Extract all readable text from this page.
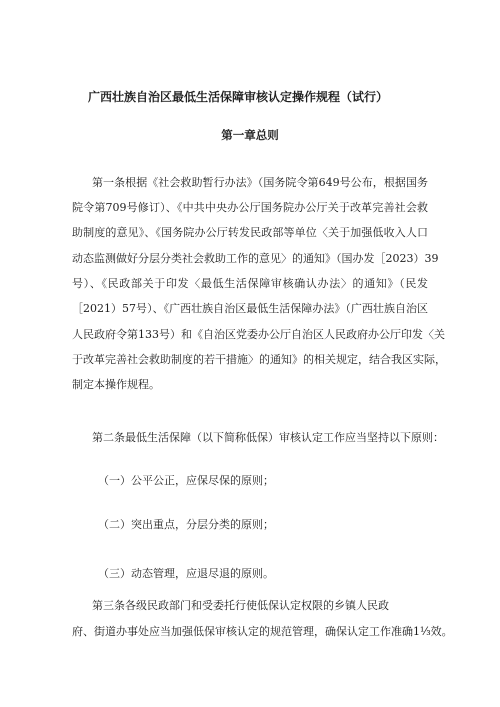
广西壮族自治区最低生活保障审核认定操作规程（试行）
第一章总则
第一条根据《社会救助暂行办法》（国务院令第649号公布，根据国务
院令第709号修订）、《中共中央办公厅国务院办公厅关于改革完善社会救
助制度的意见》、《国务院办公厅转发民政部等单位〈关于加强低收入人口
动态监测做好分层分类社会救助工作的意见〉的通知》（国办发［2023）39
号）、《民政部关于印发〈最低生活保障审核确认办法〉的通知》（民发
［2021）57号）、《广西壮族自治区最低生活保障办法》（广西壮族自治区
人民政府令第133号）和《自治区党委办公厅自治区人民政府办公厅印发〈关
于改革完善社会救助制度的若干措施〉的通知》的相关规定，结合我区实际，
制定本操作规程。
第二条最低生活保障（以下简称低保）审核认定工作应当坚持以下原则：
（一）公平公正，应保尽保的原则；
（二）突出重点，分层分类的原则；
（三）动态管理，应退尽退的原则。
第三条各级民政部门和受委托行使低保认定权限的乡镇人民政
府、街道办事处应当加强低保审核认定的规范管理，确保认定工作准确1⅓效。
